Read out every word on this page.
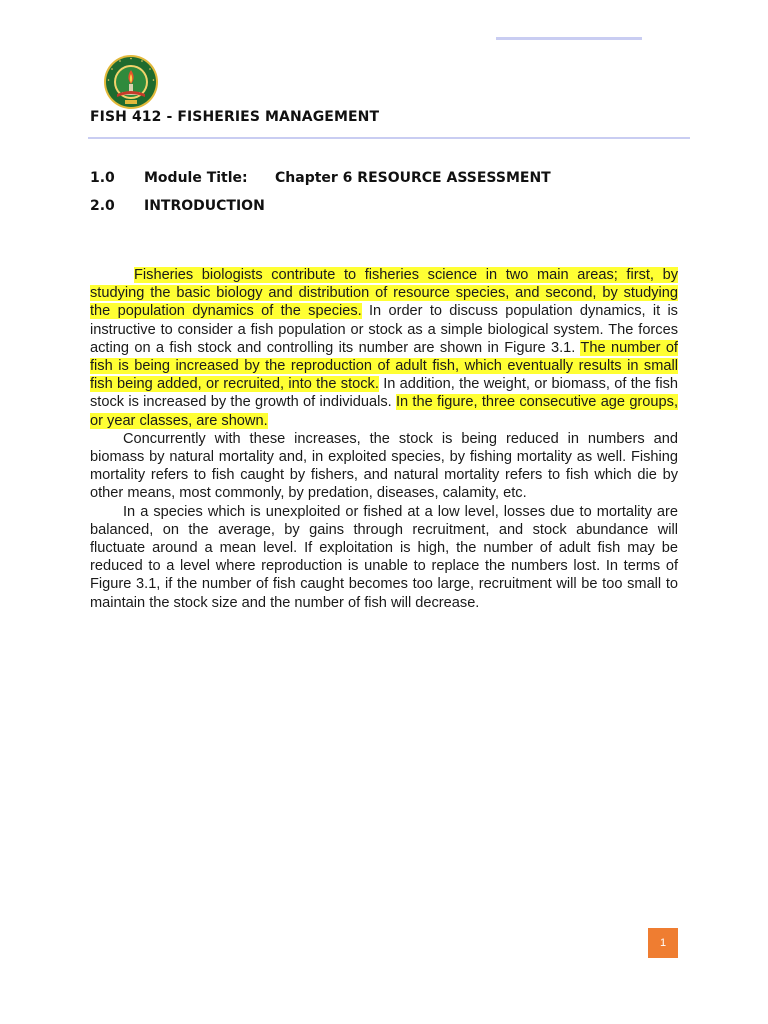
FISH 412 - FISHERIES MANAGEMENT
1.0 Module Title: Chapter 6 RESOURCE ASSESSMENT
2.0 INTRODUCTION

Fisheries biologists contribute to fisheries science in two main areas; first, by studying the basic biology and distribution of resource species, and second, by studying the population dynamics of the species. In order to discuss population dynamics, it is instructive to consider a fish population or stock as a simple biological system. The forces acting on a fish stock and controlling its number are shown in Figure 3.1. The number of fish is being increased by the reproduction of adult fish, which eventually results in small fish being added, or recruited, into the stock. In addition, the weight, or biomass, of the fish stock is increased by the growth of individuals. In the figure, three consecutive age groups, or year classes, are shown.

Concurrently with these increases, the stock is being reduced in numbers and biomass by natural mortality and, in exploited species, by fishing mortality as well. Fishing mortality refers to fish caught by fishers, and natural mortality refers to fish which die by other means, most commonly, by predation, diseases, calamity, etc.

In a species which is unexploited or fished at a low level, losses due to mortality are balanced, on the average, by gains through recruitment, and stock abundance will fluctuate around a mean level. If exploitation is high, the number of adult fish may be reduced to a level where reproduction is unable to replace the numbers lost. In terms of Figure 3.1, if the number of fish caught becomes too large, recruitment will be too small to maintain the stock size and the number of fish will decrease.

1
